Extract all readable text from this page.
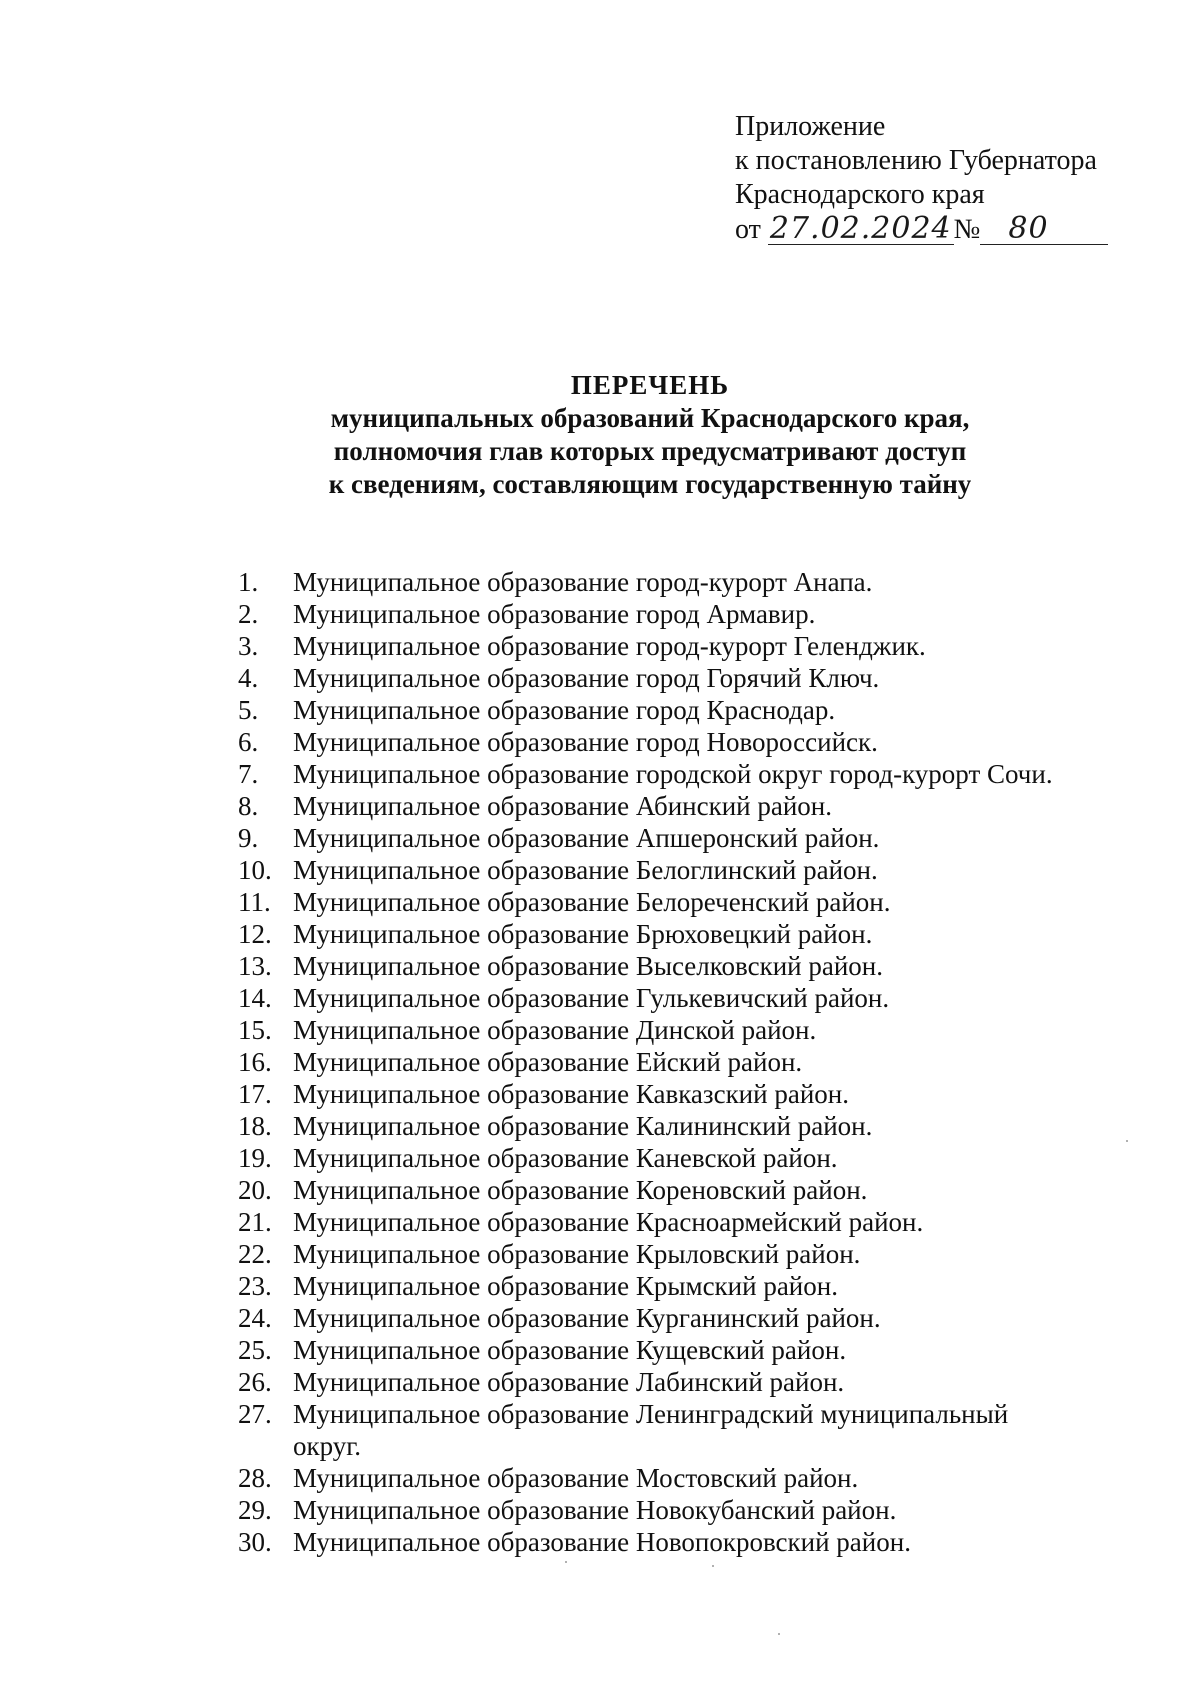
Приложение
к постановлению Губернатора
Краснодарского края
от 27.02.2024
№ 80
ПЕРЕЧЕНЬ
муниципальных образований Краснодарского края,
полномочия глав которых предусматривают доступ
к сведениям, составляющим государственную тайну
1.	Муниципальное образование город-курорт Анапа.
2.	Муниципальное образование город Армавир.
3.	Муниципальное образование город-курорт Геленджик.
4.	Муниципальное образование город Горячий Ключ.
5.	Муниципальное образование город Краснодар.
6.	Муниципальное образование город Новороссийск.
7.	Муниципальное образование городской округ город-курорт Сочи.
8.	Муниципальное образование Абинский район.
9.	Муниципальное образование Апшеронский район.
10. Муниципальное образование Белоглинский район.
11. Муниципальное образование Белореченский район.
12. Муниципальное образование Брюховецкий район.
13. Муниципальное образование Выселковский район.
14. Муниципальное образование Гулькевичский район.
15. Муниципальное образование Динской район.
16. Муниципальное образование Ейский район.
17. Муниципальное образование Кавказский район.
18. Муниципальное образование Калининский район.
19. Муниципальное образование Каневской район.
20. Муниципальное образование Кореновский район.
21. Муниципальное образование Красноармейский район.
22. Муниципальное образование Крыловский район.
23. Муниципальное образование Крымский район.
24. Муниципальное образование Курганинский район.
25. Муниципальное образование Кущевский район.
26. Муниципальное образование Лабинский район.
27. Муниципальное образование Ленинградский муниципальный
округ.
28. Муниципальное образование Мостовский район.
29. Муниципальное образование Новокубанский район.
30. Муниципальное образование Новопокровский район.
